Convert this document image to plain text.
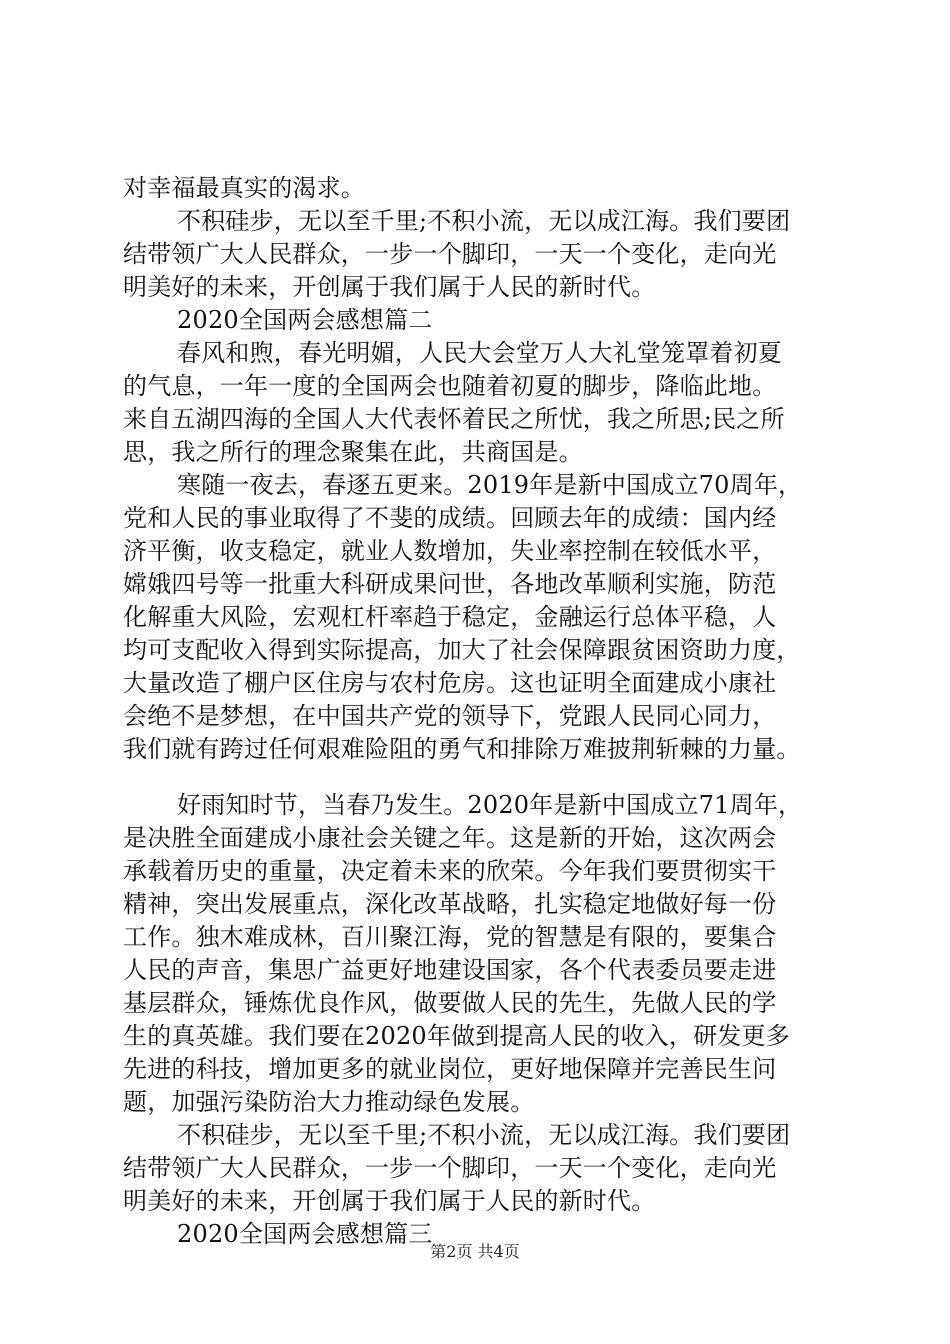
对幸福最真实的渴求。
不积硅步，无以至千里;不积小流，无以成江海。我们要团
结带领广大人民群众，一步一个脚印，一天一个变化，走向光
明美好的未来，开创属于我们属于人民的新时代。
2020全国两会感想篇二
春风和煦，春光明媚，人民大会堂万人大礼堂笼罩着初夏
的气息，一年一度的全国两会也随着初夏的脚步，降临此地。
来自五湖四海的全国人大代表怀着民之所忧，我之所思;民之所
思，我之所行的理念聚集在此，共商国是。
寒随一夜去，春逐五更来。2019年是新中国成立70周年，
党和人民的事业取得了不斐的成绩。回顾去年的成绩：国内经
济平衡，收支稳定，就业人数增加，失业率控制在较低水平，
嫦娥四号等一批重大科研成果问世，各地改革顺利实施，防范
化解重大风险，宏观杠杆率趋于稳定，金融运行总体平稳，人
均可支配收入得到实际提高，加大了社会保障跟贫困资助力度，
大量改造了棚户区住房与农村危房。这也证明全面建成小康社
会绝不是梦想，在中国共产党的领导下，党跟人民同心同力，
我们就有跨过任何艰难险阻的勇气和排除万难披荆斩棘的力量。
好雨知时节，当春乃发生。2020年是新中国成立71周年，
是决胜全面建成小康社会关键之年。这是新的开始，这次两会
承载着历史的重量，决定着未来的欣荣。今年我们要贯彻实干
精神，突出发展重点，深化改革战略，扎实稳定地做好每一份
工作。独木难成林，百川聚江海，党的智慧是有限的，要集合
人民的声音，集思广益更好地建设国家，各个代表委员要走进
基层群众，锤炼优良作风，做要做人民的先生，先做人民的学
生的真英雄。我们要在2020年做到提高人民的收入，研发更多
先进的科技，增加更多的就业岗位，更好地保障并完善民生问
题，加强污染防治大力推动绿色发展。
不积硅步，无以至千里;不积小流，无以成江海。我们要团
结带领广大人民群众，一步一个脚印，一天一个变化，走向光
明美好的未来，开创属于我们属于人民的新时代。
2020全国两会感想篇三
第2页 共4页
